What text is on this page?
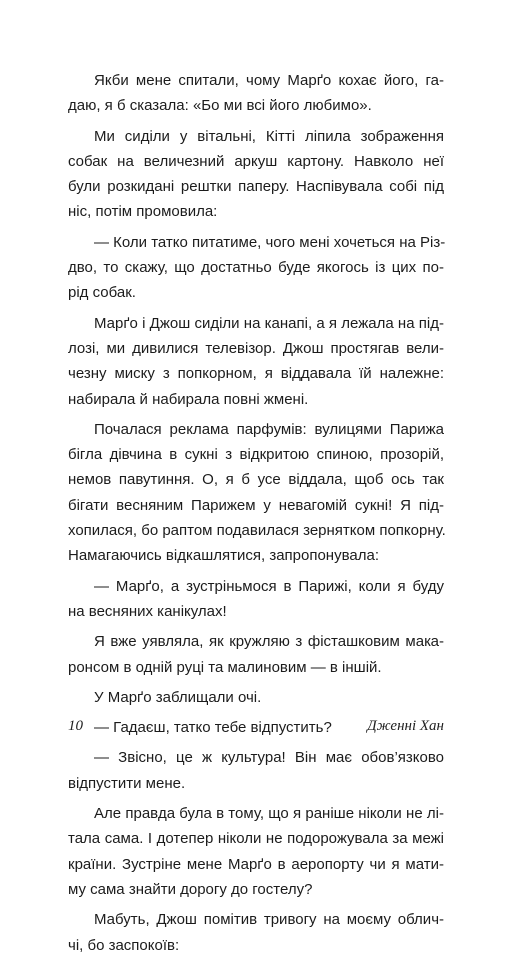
Якби мене спитали, чому Марґо кохає його, га-
даю, я б сказала: «Бо ми всі його любимо».

Ми сиділи у вітальні, Кітті ліпила зображення
собак на величезний аркуш картону. Навколо неї
були розкидані рештки паперу. Наспівувала собі під
ніс, потім промовила:

— Коли татко питатиме, чого мені хочеться на Різ-
дво, то скажу, що достатньо буде якогось із цих по-
рід собак.

Марґо і Джош сиділи на канапі, а я лежала на під-
лозі, ми дивилися телевізор. Джош простягав вели-
чезну миску з попкорном, я віддавала їй належне:
набирала й набирала повні жмені.

Почалася реклама парфумів: вулицями Парижа
бігла дівчина в сукні з відкритою спиною, прозорій,
немов павутиння. О, я б усе віддала, щоб ось так
бігати весняним Парижем у невагомій сукні! Я під-
хопилася, бо раптом подавилася зернятком попкорну.
Намагаючись відкашлятися, запропонувала:

— Марґо, а зустріньмося в Парижі, коли я буду
на весняних канікулах!

Я вже уявляла, як кружляю з фісташковим макa-
ронсом в одній руці та малиновим — в іншій.

У Марґо заблищали очі.

— Гадаєш, татко тебе відпустить?

— Звісно, це ж культура! Він має обов’язково
відпустити мене.

Але правда була в тому, що я раніше ніколи не лі-
тала сама. І дотепер ніколи не подорожувала за межі
країни. Зустріне мене Марґо в аеропорту чи я мати-
му сама знайти дорогу до гостелу?

Мабуть, Джош помітив тривогу на моєму облич-
чі, бо заспокоїв:

10	Дженні Хан
